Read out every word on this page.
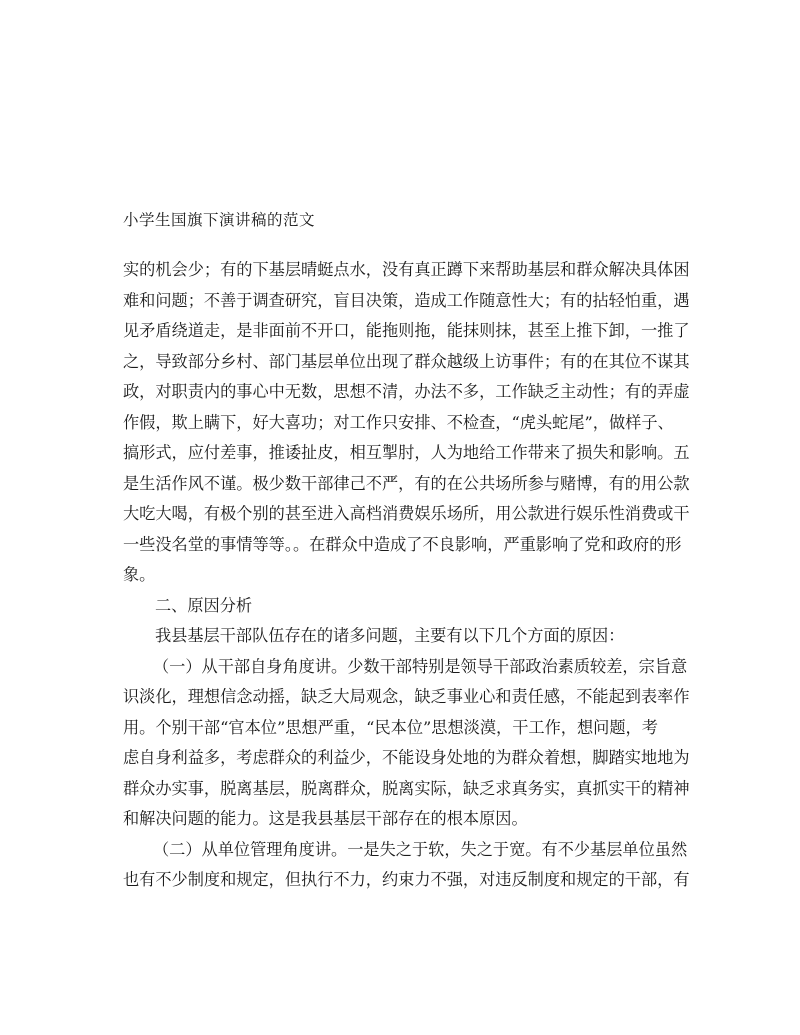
小学生国旗下演讲稿的范文
实的机会少；有的下基层晴蜓点水，没有真正蹲下来帮助基层和群众解决具体困
难和问题；不善于调查研究，盲目决策，造成工作随意性大；有的拈轻怕重，遇
见矛盾绕道走，是非面前不开口，能拖则拖，能抹则抹，甚至上推下卸，一推了
之，导致部分乡村、部门基层单位出现了群众越级上访事件；有的在其位不谋其
政，对职责内的事心中无数，思想不清，办法不多，工作缺乏主动性；有的弄虚
作假，欺上瞒下，好大喜功；对工作只安排、不检查，“虎头蛇尾”，做样子、
搞形式，应付差事，推诿扯皮，相互掣肘，人为地给工作带来了损失和影响。五
是生活作风不谨。极少数干部律己不严，有的在公共场所参与赌博，有的用公款
大吃大喝，有极个别的甚至进入高档消费娱乐场所，用公款进行娱乐性消费或干
一些没名堂的事情等等。。在群众中造成了不良影响，严重影响了党和政府的形
象。
二、原因分析
我县基层干部队伍存在的诸多问题，主要有以下几个方面的原因：
（一）从干部自身角度讲。少数干部特别是领导干部政治素质较差，宗旨意
识淡化，理想信念动摇，缺乏大局观念，缺乏事业心和责任感，不能起到表率作
用。个别干部“官本位”思想严重，“民本位”思想淡漠，干工作，想问题，考
虑自身利益多，考虑群众的利益少，不能设身处地的为群众着想，脚踏实地地为
群众办实事，脱离基层，脱离群众，脱离实际，缺乏求真务实，真抓实干的精神
和解决问题的能力。这是我县基层干部存在的根本原因。
（二）从单位管理角度讲。一是失之于软，失之于宽。有不少基层单位虽然
也有不少制度和规定，但执行不力，约束力不强，对违反制度和规定的干部，有
